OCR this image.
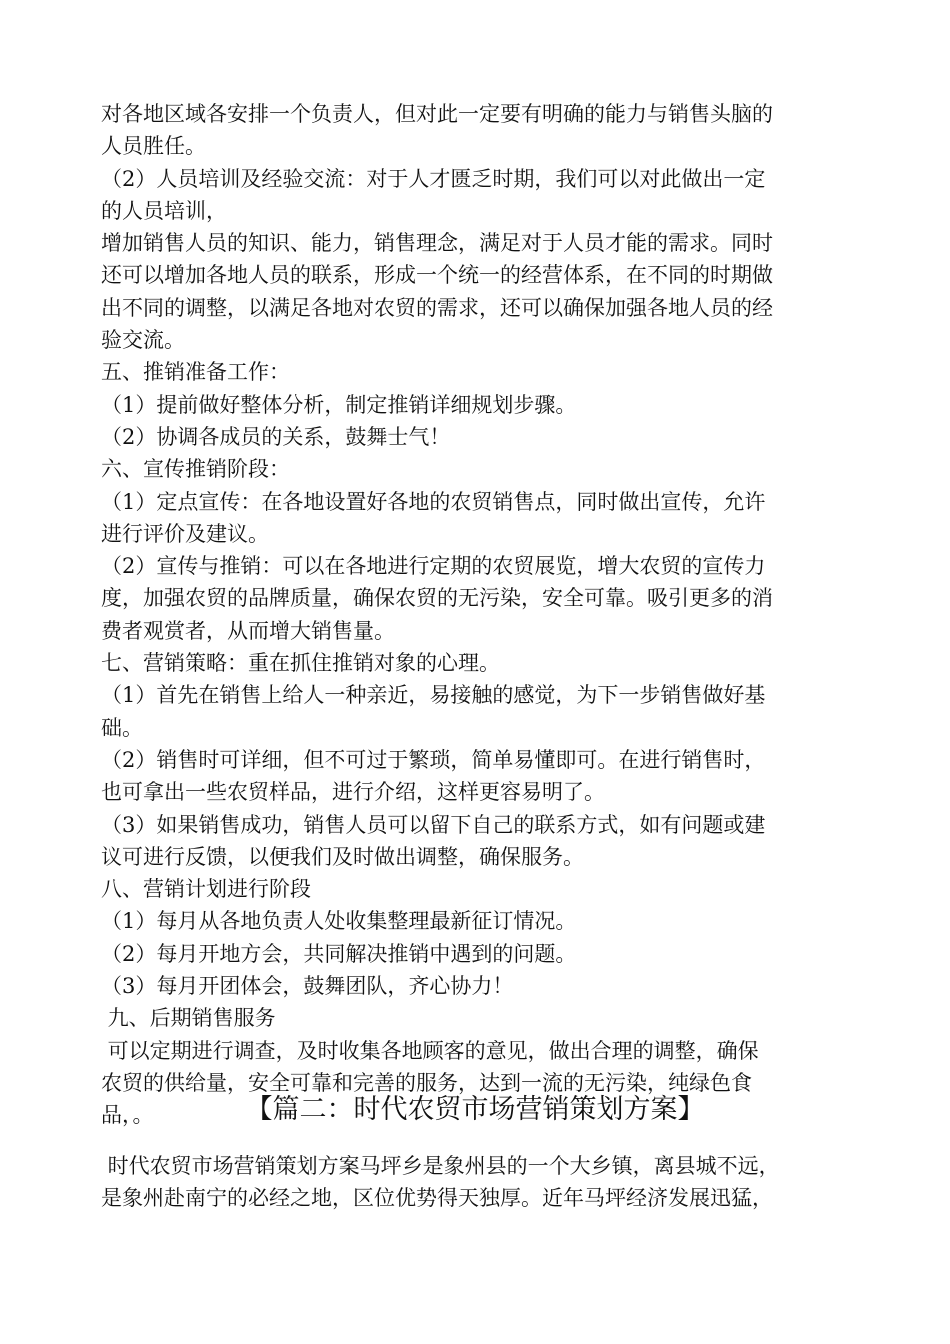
对各地区域各安排一个负责人，但对此一定要有明确的能力与销售头脑的
人员胜任。
（2）人员培训及经验交流：对于人才匮乏时期，我们可以对此做出一定
的人员培训，
增加销售人员的知识、能力，销售理念，满足对于人员才能的需求。同时
还可以增加各地人员的联系，形成一个统一的经营体系，在不同的时期做
出不同的调整，以满足各地对农贸的需求，还可以确保加强各地人员的经
验交流。
五、推销准备工作：
（1）提前做好整体分析，制定推销详细规划步骤。
（2）协调各成员的关系，鼓舞士气！
六、宣传推销阶段：
（1）定点宣传：在各地设置好各地的农贸销售点，同时做出宣传，允许
进行评价及建议。
（2）宣传与推销：可以在各地进行定期的农贸展览，增大农贸的宣传力
度，加强农贸的品牌质量，确保农贸的无污染，安全可靠。吸引更多的消
费者观赏者，从而增大销售量。
七、营销策略：重在抓住推销对象的心理。
（1）首先在销售上给人一种亲近，易接触的感觉，为下一步销售做好基
础。
（2）销售时可详细，但不可过于繁琐，简单易懂即可。在进行销售时，
也可拿出一些农贸样品，进行介绍，这样更容易明了。
（3）如果销售成功，销售人员可以留下自己的联系方式，如有问题或建
议可进行反馈，以便我们及时做出调整，确保服务。
八、营销计划进行阶段
（1）每月从各地负责人处收集整理最新征订情况。
（2）每月开地方会，共同解决推销中遇到的问题。
（3）每月开团体会，鼓舞团队，齐心协力！
九、后期销售服务
可以定期进行调查，及时收集各地顾客的意见，做出合理的调整，确保
农贸的供给量，安全可靠和完善的服务，达到一流的无污染，纯绿色食
品，。	【篇二：时代农贸市场营销策划方案】
时代农贸市场营销策划方案马坪乡是象州县的一个大乡镇，离县城不远，
是象州赴南宁的必经之地，区位优势得天独厚。近年马坪经济发展迅猛，
